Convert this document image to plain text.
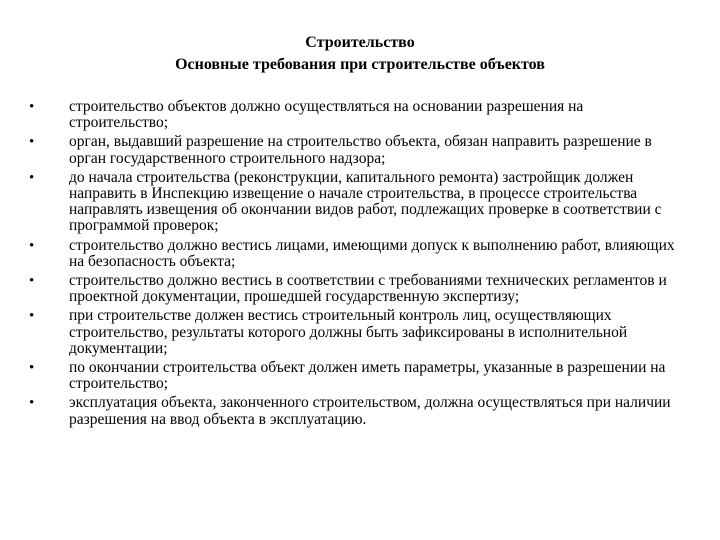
Строительство
Основные требования при строительстве объектов
• строительство объектов должно осуществляться на основании разрешения на строительство;
• орган, выдавший разрешение на строительство объекта, обязан направить разрешение в орган государственного строительного надзора;
• до начала строительства (реконструкции, капитального ремонта) застройщик должен направить в Инспекцию извещение о начале строительства, в процессе строительства направлять извещения об окончании видов работ, подлежащих проверке в соответствии с программой проверок;
• строительство должно вестись лицами, имеющими допуск к выполнению работ, влияющих на безопасность объекта;
• строительство должно вестись в соответствии с требованиями технических регламентов и проектной документации, прошедшей государственную экспертизу;
• при строительстве должен вестись строительный контроль лиц, осуществляющих строительство, результаты которого должны быть зафиксированы в исполнительной документации;
• по окончании строительства объект должен иметь параметры, указанные в разрешении на строительство;
• эксплуатация объекта, законченного строительством, должна осуществляться при наличии разрешения на ввод объекта в эксплуатацию.
